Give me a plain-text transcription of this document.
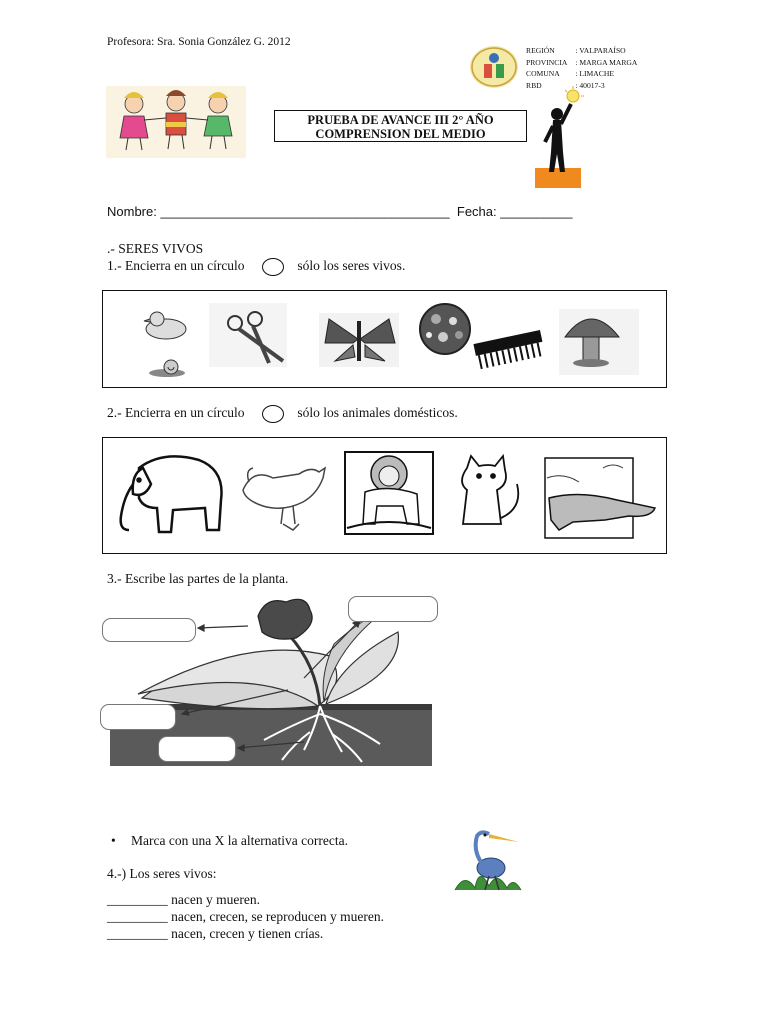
Profesora: Sra. Sonia González G. 2012
REGIÓN	: VALPARAÍSO
PROVINCIA	: MARGA MARGA
COMUNA	: LIMACHE
RBD	: 40017-3
PRUEBA DE AVANCE III 2° AÑO
COMPRENSION DEL MEDIO
Nombre: ________________________________________  Fecha: __________
.- SERES VIVOS
1.- Encierra en un círculo	sólo los seres vivos.
2.- Encierra en un círculo	sólo los animales domésticos.
3.- Escribe las partes de la planta.
• Marca con una X la alternativa correcta.
4.-) Los seres vivos:
_________ nacen y mueren.
_________ nacen, crecen, se reproducen y mueren.
_________ nacen, crecen y tienen crías.
